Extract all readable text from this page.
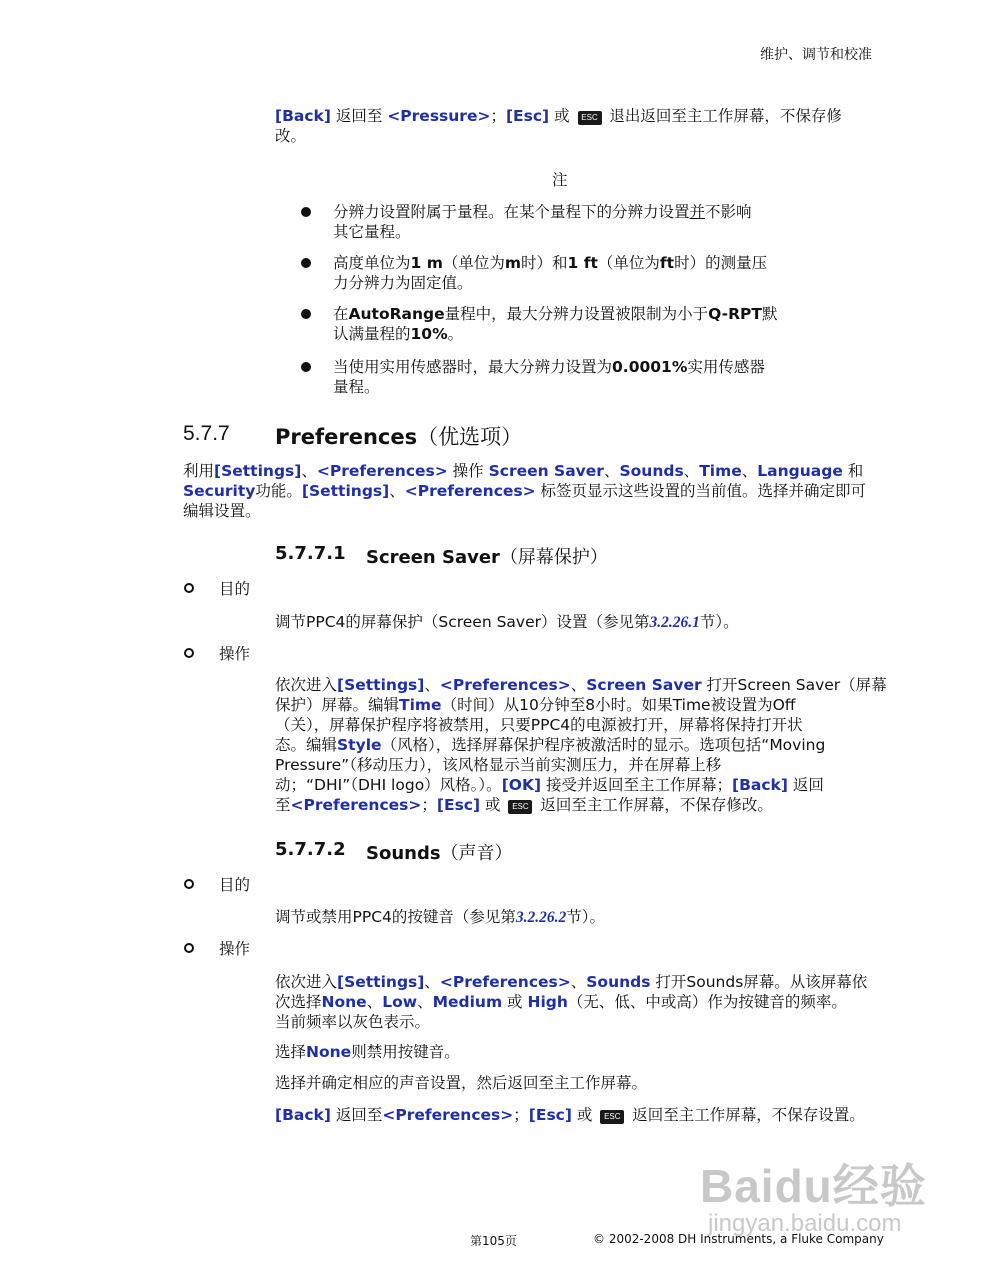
维护、调节和校准
[Back] 返回至 <Pressure>；[Esc] 或 ESC 退出返回至主工作屏幕，不保存修
改。
注
分辨力设置附属于量程。在某个量程下的分辨力设置并不影响
其它量程。
高度单位为1 m（单位为m时）和1 ft（单位为ft时）的测量压
力分辨力为固定值。
在AutoRange量程中，最大分辨力设置被限制为小于Q-RPT默
认满量程的10%。
当使用实用传感器时，最大分辨力设置为0.0001%实用传感器
量程。
5.7.7 Preferences（优选项）
利用[Settings]、<Preferences> 操作 Screen Saver、Sounds、Time、Language 和
Security功能。[Settings]、<Preferences> 标签页显示这些设置的当前值。选择并确定即可
编辑设置。
5.7.7.1 Screen Saver（屏幕保护）
目的
调节PPC4的屏幕保护（Screen Saver）设置（参见第3.2.26.1节）。
操作
依次进入[Settings]、<Preferences>、Screen Saver 打开Screen Saver（屏幕
保护）屏幕。编辑Time（时间）从10分钟至8小时。如果Time被设置为Off
（关），屏幕保护程序将被禁用，只要PPC4的电源被打开，屏幕将保持打开状
态。编辑Style（风格），选择屏幕保护程序被激活时的显示。选项包括“Moving
Pressure”（移动压力），该风格显示当前实测压力，并在屏幕上移
动；“DHI”（DHI logo）风格。）。[OK] 接受并返回至主工作屏幕；[Back] 返回
至<Preferences>；[Esc] 或 ESC 返回至主工作屏幕，不保存修改。
5.7.7.2 Sounds（声音）
目的
调节或禁用PPC4的按键音（参见第3.2.26.2节）。
操作
依次进入[Settings]、<Preferences>、Sounds 打开Sounds屏幕。从该屏幕依
次选择None、Low、Medium 或 High（无、低、中或高）作为按键音的频率。
当前频率以灰色表示。
选择None则禁用按键音。
选择并确定相应的声音设置，然后返回至主工作屏幕。
[Back] 返回至<Preferences>；[Esc] 或 ESC 返回至主工作屏幕，不保存设置。
Baidu经验
jingyan.baidu.com
第105页	© 2002-2008 DH Instruments, a Fluke Company
